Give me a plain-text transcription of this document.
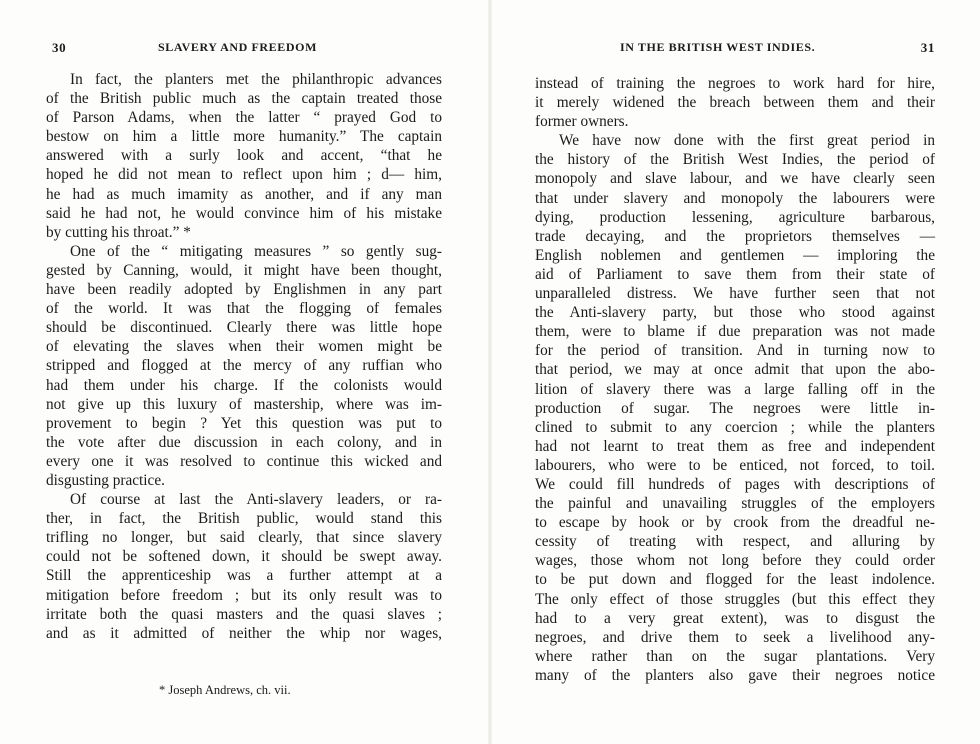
30	SLAVERY AND FREEDOM
In fact, the planters met the philanthropic advances
of the British public much as the captain treated those
of Parson Adams, when the latter “ prayed God to
bestow on him a little more humanity.” The captain
answered with a surly look and accent, “that he
hoped he did not mean to reflect upon him ; d— him,
he had as much imamity as another, and if any man
said he had not, he would convince him of his mistake
by cutting his throat.” *
One of the “ mitigating measures ” so gently sug-
gested by Canning, would, it might have been thought,
have been readily adopted by Englishmen in any part
of the world. It was that the flogging of females
should be discontinued. Clearly there was little hope
of elevating the slaves when their women might be
stripped and flogged at the mercy of any ruffian who
had them under his charge. If the colonists would
not give up this luxury of mastership, where was im-
provement to begin ? Yet this question was put to
the vote after due discussion in each colony, and in
every one it was resolved to continue this wicked and
disgusting practice.
Of course at last the Anti-slavery leaders, or ra-
ther, in fact, the British public, would stand this
trifling no longer, but said clearly, that since slavery
could not be softened down, it should be swept away.
Still the apprenticeship was a further attempt at a
mitigation before freedom ; but its only result was to
irritate both the quasi masters and the quasi slaves ;
and as it admitted of neither the whip nor wages,
* Joseph Andrews, ch. vii.
IN THE BRITISH WEST INDIES.	31
instead of training the negroes to work hard for hire,
it merely widened the breach between them and their
former owners.
We have now done with the first great period in
the history of the British West Indies, the period of
monopoly and slave labour, and we have clearly seen
that under slavery and monopoly the labourers were
dying, production lessening, agriculture barbarous,
trade decaying, and the proprietors themselves —
English noblemen and gentlemen — imploring the
aid of Parliament to save them from their state of
unparalleled distress. We have further seen that not
the Anti-slavery party, but those who stood against
them, were to blame if due preparation was not made
for the period of transition. And in turning now to
that period, we may at once admit that upon the abo-
lition of slavery there was a large falling off in the
production of sugar. The negroes were little in-
clined to submit to any coercion ; while the planters
had not learnt to treat them as free and independent
labourers, who were to be enticed, not forced, to toil.
We could fill hundreds of pages with descriptions of
the painful and unavailing struggles of the employers
to escape by hook or by crook from the dreadful ne-
cessity of treating with respect, and alluring by
wages, those whom not long before they could order
to be put down and flogged for the least indolence.
The only effect of those struggles (but this effect they
had to a very great extent), was to disgust the
negroes, and drive them to seek a livelihood any-
where rather than on the sugar plantations. Very
many of the planters also gave their negroes notice
